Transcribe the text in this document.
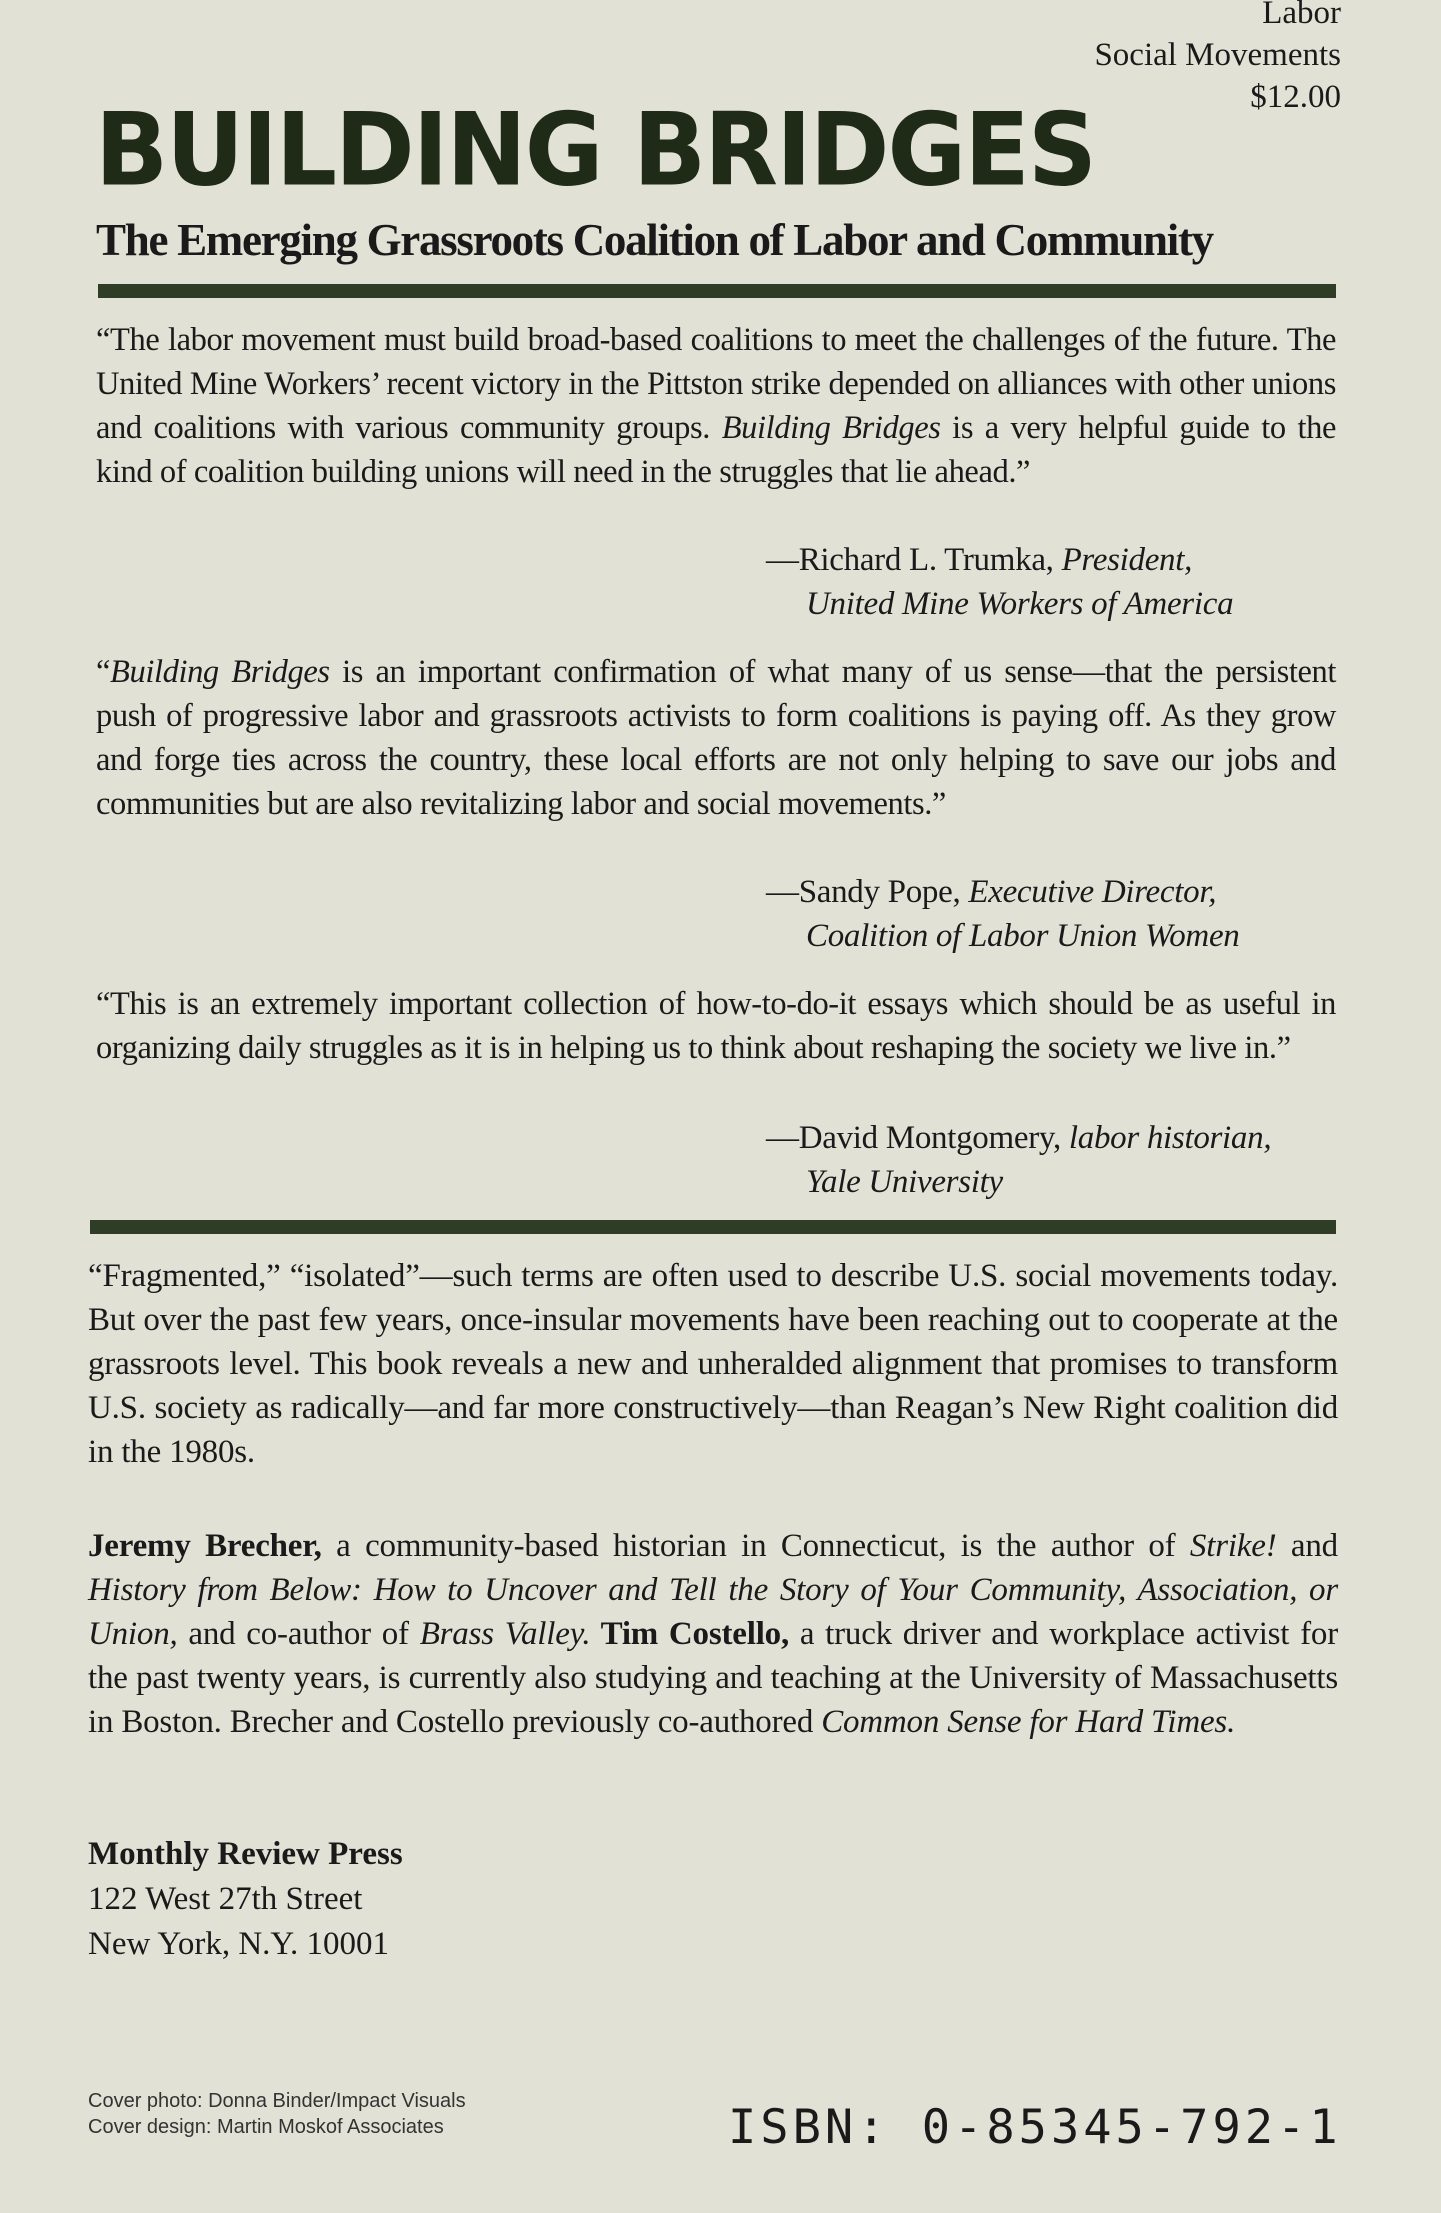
Labor
Social Movements
$12.00
BUILDING BRIDGES
The Emerging Grassroots Coalition of Labor and Community
“The labor movement must build broad-based coalitions to meet the challenges of the future. The United Mine Workers’ recent victory in the Pittston strike depended on alliances with other unions and coalitions with various community groups. Building Bridges is a very helpful guide to the kind of coalition building unions will need in the struggles that lie ahead.”
—Richard L. Trumka, President,
United Mine Workers of America
“Building Bridges is an important confirmation of what many of us sense—that the persistent push of progressive labor and grassroots activists to form coalitions is paying off. As they grow and forge ties across the country, these local efforts are not only helping to save our jobs and communities but are also revitalizing labor and social movements.”
—Sandy Pope, Executive Director,
Coalition of Labor Union Women
“This is an extremely important collection of how-to-do-it essays which should be as useful in organizing daily struggles as it is in helping us to think about reshaping the society we live in.”
—David Montgomery, labor historian,
Yale University
“Fragmented,” “isolated”—such terms are often used to describe U.S. social movements today. But over the past few years, once-insular movements have been reaching out to cooperate at the grassroots level. This book reveals a new and unheralded alignment that promises to transform U.S. society as radically—and far more constructively—than Reagan’s New Right coalition did in the 1980s.
Jeremy Brecher, a community-based historian in Connecticut, is the author of Strike! and History from Below: How to Uncover and Tell the Story of Your Community, Association, or Union, and co-author of Brass Valley. Tim Costello, a truck driver and workplace activist for the past twenty years, is currently also studying and teaching at the University of Massachusetts in Boston. Brecher and Costello previously co-authored Common Sense for Hard Times.
Monthly Review Press
122 West 27th Street
New York, N.Y. 10001
Cover photo: Donna Binder/Impact Visuals
Cover design: Martin Moskof Associates	ISBN: 0-85345-792-1
